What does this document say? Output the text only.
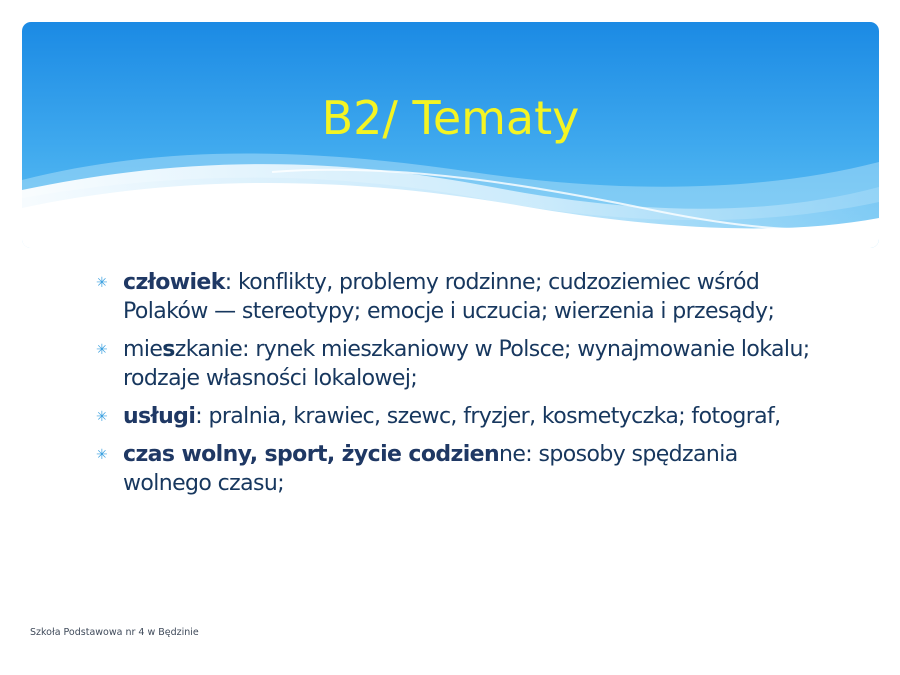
B2/ Tematy
✳ człowiek: konflikty, problemy rodzinne; cudzoziemiec wśród Polaków — stereotypy; emocje i uczucia; wierzenia i przesądy;
✳ mieszkanie: rynek mieszkaniowy w Polsce; wynajmowanie lokalu; rodzaje własności lokalowej;
✳ usługi: pralnia, krawiec, szewc, fryzjer, kosmetyczka; fotograf,
✳ czas wolny, sport, życie codzienne: sposoby spędzania wolnego czasu;
Szkoła Podstawowa nr 4 w Będzinie
